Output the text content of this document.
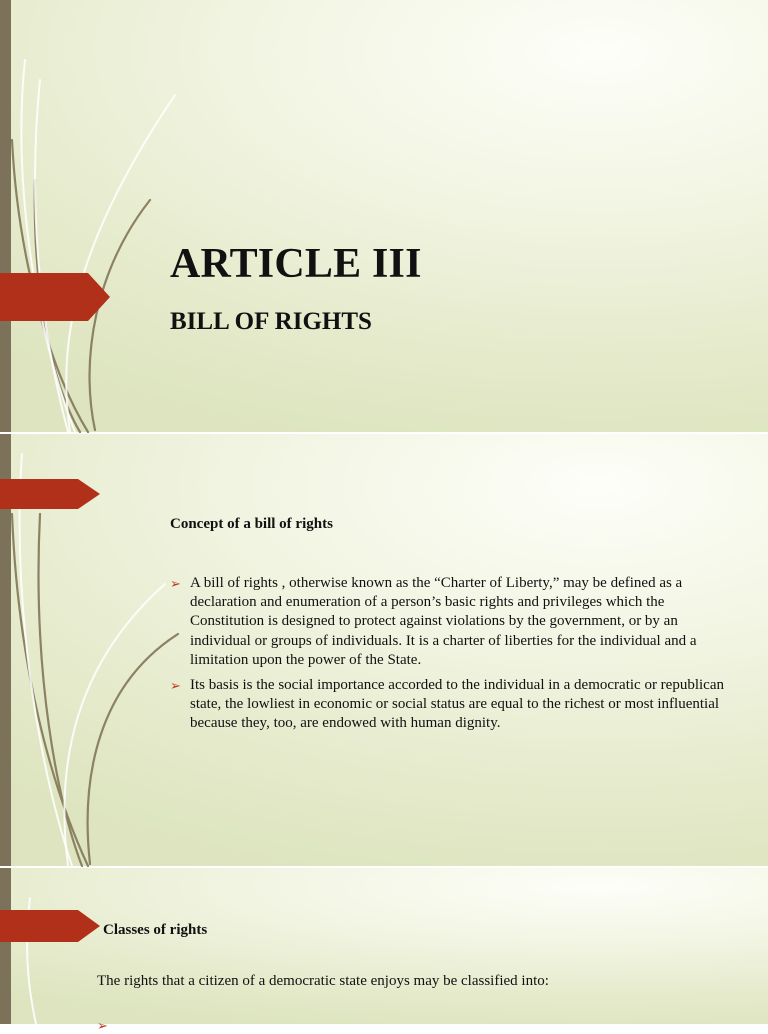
ARTICLE III
BILL OF RIGHTS
Concept of a bill of rights
➢ A bill of rights , otherwise known as the “Charter of Liberty,” may be defined as a declaration and enumeration of a person’s basic rights and privileges which the Constitution is designed to protect against violations by the government, or by an individual or groups of individuals. It is a charter of liberties for the individual and a limitation upon the power of the State.
➢ Its basis is the social importance accorded to the individual in a democratic or republican state, the lowliest in economic or social status are equal to the richest or most influential because they, too, are endowed with human dignity.
Classes of rights

The rights that a citizen of a democratic state enjoys may be classified into:

➢
